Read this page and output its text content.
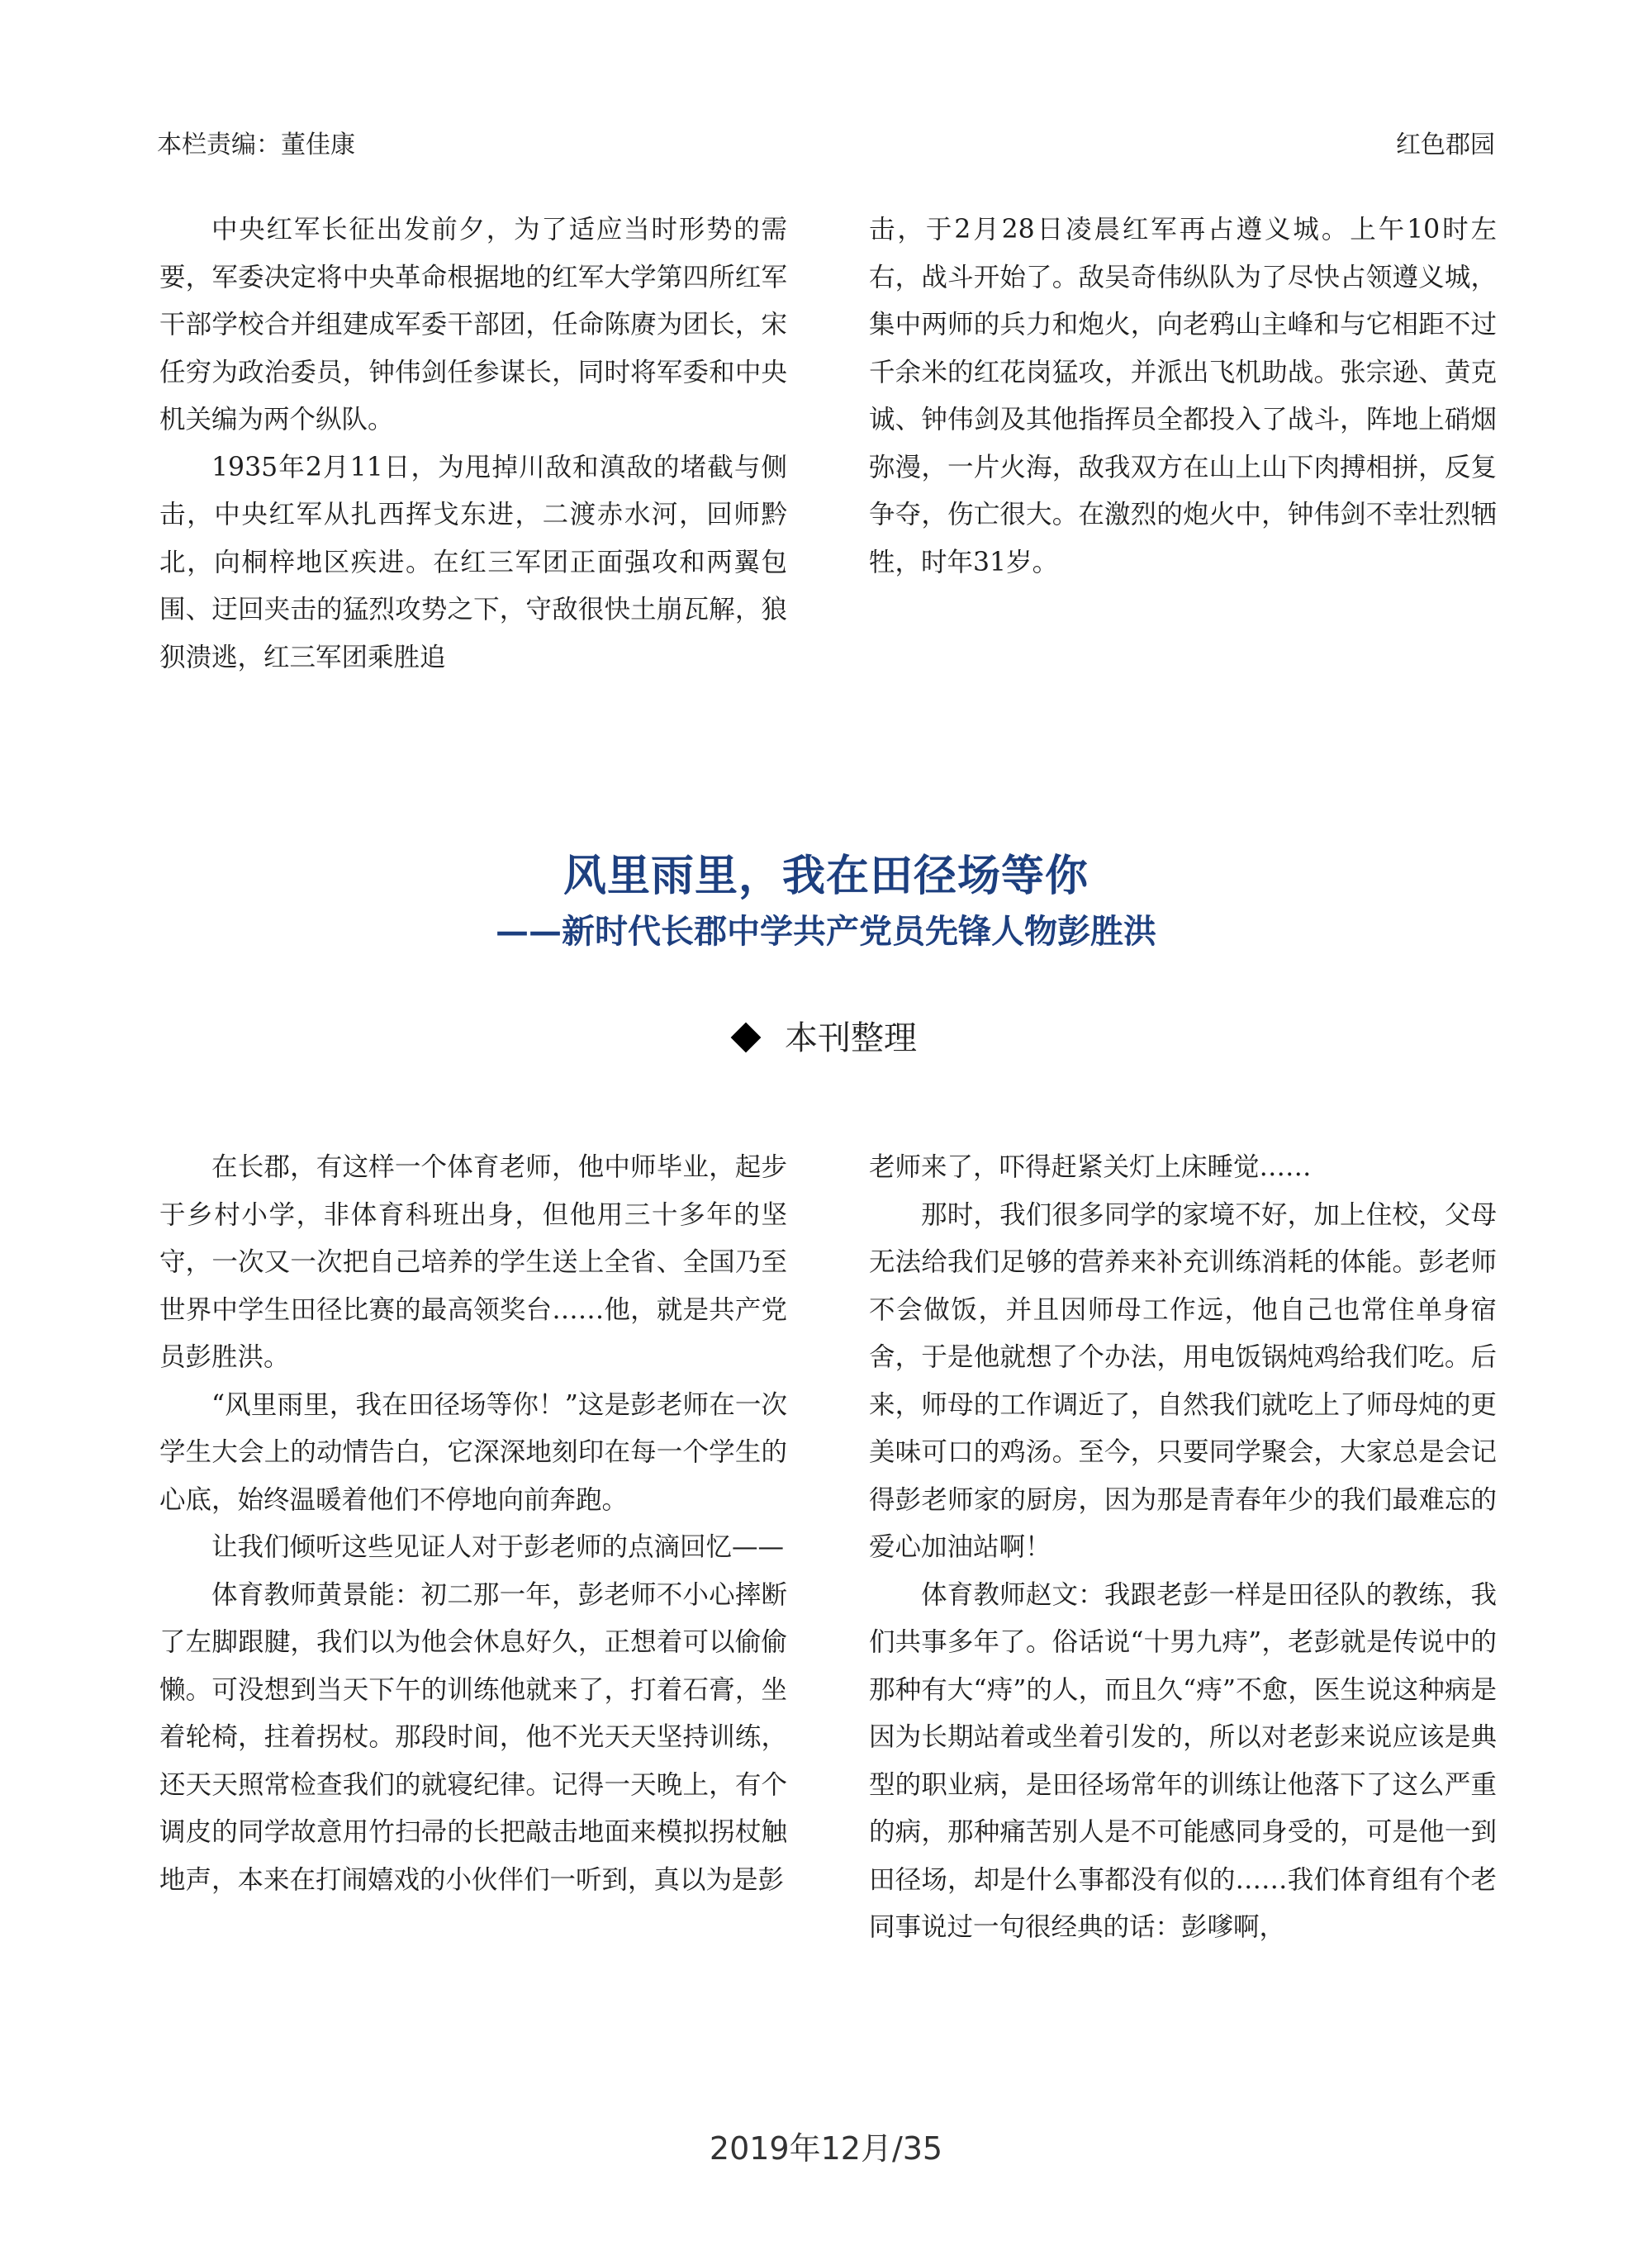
本栏责编：董佳康	红色郡园

中央红军长征出发前夕，为了适应当时形势的需要，军委决定将中央革命根据地的红军大学第四所红军干部学校合并组建成军委干部团，任命陈赓为团长，宋任穷为政治委员，钟伟剑任参谋长，同时将军委和中央机关编为两个纵队。

1935年2月11日，为甩掉川敌和滇敌的堵截与侧击，中央红军从扎西挥戈东进，二渡赤水河，回师黔北，向桐梓地区疾进。在红三军团正面强攻和两翼包围、迂回夹击的猛烈攻势之下，守敌很快土崩瓦解，狼狈溃逃，红三军团乘胜追

击，于2月28日凌晨红军再占遵义城。上午10时左右，战斗开始了。敌吴奇伟纵队为了尽快占领遵义城，集中两师的兵力和炮火，向老鸦山主峰和与它相距不过千余米的红花岗猛攻，并派出飞机助战。张宗逊、黄克诚、钟伟剑及其他指挥员全都投入了战斗，阵地上硝烟弥漫，一片火海，敌我双方在山上山下肉搏相拼，反复争夺，伤亡很大。在激烈的炮火中，钟伟剑不幸壮烈牺牲，时年31岁。

风里雨里，我在田径场等你
——新时代长郡中学共产党员先锋人物彭胜洪
本刊整理

在长郡，有这样一个体育老师，他中师毕业，起步于乡村小学，非体育科班出身，但他用三十多年的坚守，一次又一次把自己培养的学生送上全省、全国乃至世界中学生田径比赛的最高领奖台……他，就是共产党员彭胜洪。

“风里雨里，我在田径场等你！”这是彭老师在一次学生大会上的动情告白，它深深地刻印在每一个学生的心底，始终温暖着他们不停地向前奔跑。

让我们倾听这些见证人对于彭老师的点滴回忆——

体育教师黄景能：初二那一年，彭老师不小心摔断了左脚跟腱，我们以为他会休息好久，正想着可以偷偷懒。可没想到当天下午的训练他就来了，打着石膏，坐着轮椅，拄着拐杖。那段时间，他不光天天坚持训练，还天天照常检查我们的就寝纪律。记得一天晚上，有个调皮的同学故意用竹扫帚的长把敲击地面来模拟拐杖触地声，本来在打闹嬉戏的小伙伴们一听到，真以为是彭

老师来了，吓得赶紧关灯上床睡觉……

那时，我们很多同学的家境不好，加上住校，父母无法给我们足够的营养来补充训练消耗的体能。彭老师不会做饭，并且因师母工作远，他自己也常住单身宿舍，于是他就想了个办法，用电饭锅炖鸡给我们吃。后来，师母的工作调近了，自然我们就吃上了师母炖的更美味可口的鸡汤。至今，只要同学聚会，大家总是会记得彭老师家的厨房，因为那是青春年少的我们最难忘的爱心加油站啊！

体育教师赵文：我跟老彭一样是田径队的教练，我们共事多年了。俗话说“十男九痔”，老彭就是传说中的那种有大“痔”的人，而且久“痔”不愈，医生说这种病是因为长期站着或坐着引发的，所以对老彭来说应该是典型的职业病，是田径场常年的训练让他落下了这么严重的病，那种痛苦别人是不可能感同身受的，可是他一到田径场，却是什么事都没有似的……我们体育组有个老同事说过一句很经典的话：彭嗲啊，

2019年12月/35
